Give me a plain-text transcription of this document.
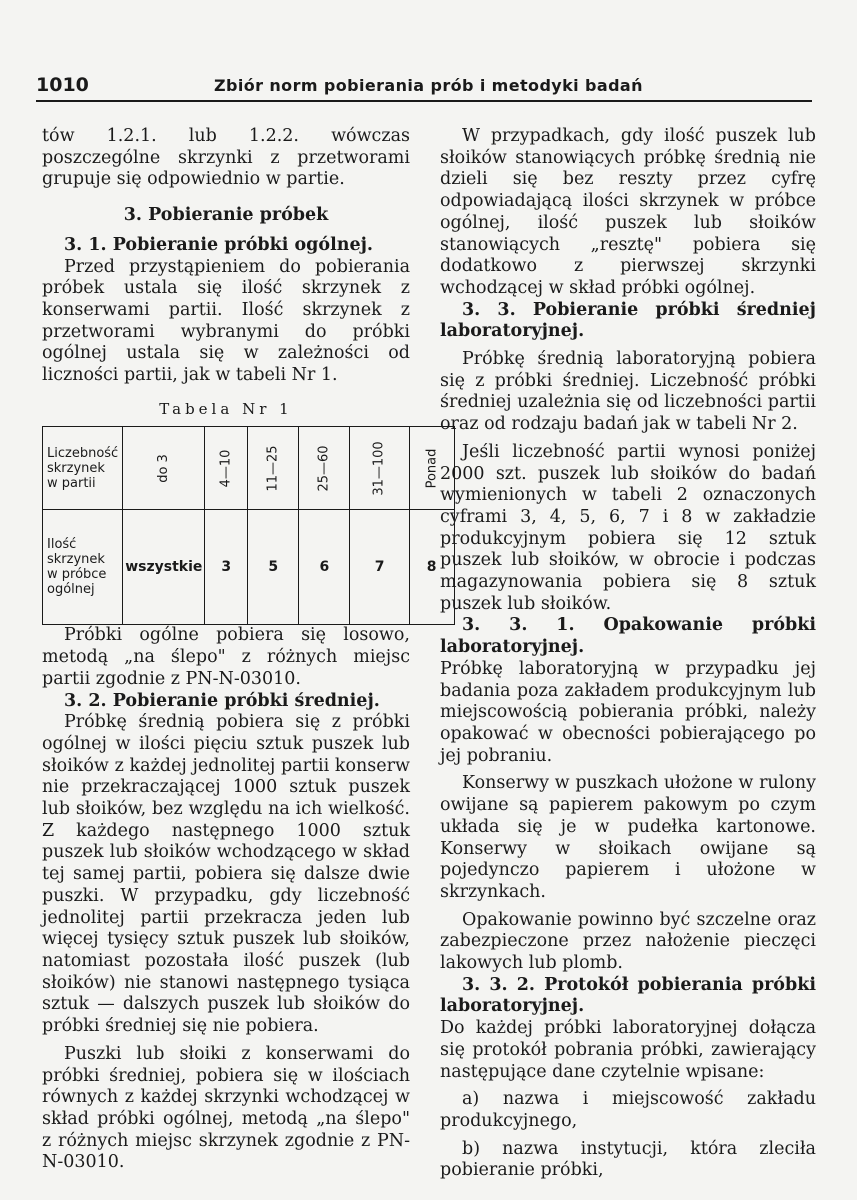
1010	Zbiór norm pobierania prób i metodyki badań

tów 1.2.1. lub 1.2.2. wówczas poszczególne skrzynki z przetworami grupuje się odpowiednio w partie.

3. Pobieranie próbek

3. 1. Pobieranie próbki ogólnej.

Przed przystąpieniem do pobierania próbek ustala się ilość skrzynek z konserwami partii. Ilość skrzynek z przetworami wybranymi do próbki ogólnej ustala się w zależności od liczności partii, jak w tabeli Nr 1.

Tabela Nr 1
Liczebność skrzynek w partii	do 3	4—10	11—25	25—60	31—100	Ponad
Ilość skrzynek w próbce ogólnej	wszystkie	3	5	6	7	8

Próbki ogólne pobiera się losowo, metodą „na ślepo" z różnych miejsc partii zgodnie z PN-N-03010.

3. 2. Pobieranie próbki średniej.

Próbkę średnią pobiera się z próbki ogólnej w ilości pięciu sztuk puszek lub słoików z każdej jednolitej partii konserw nie przekraczającej 1000 sztuk puszek lub słoików, bez względu na ich wielkość. Z każdego następnego 1000 sztuk puszek lub słoików wchodzącego w skład tej samej partii, pobiera się dalsze dwie puszki. W przypadku, gdy liczebność jednolitej partii przekracza jeden lub więcej tysięcy sztuk puszek lub słoików, natomiast pozostała ilość puszek (lub słoików) nie stanowi następnego tysiąca sztuk — dalszych puszek lub słoików do próbki średniej się nie pobiera.

Puszki lub słoiki z konserwami do próbki średniej, pobiera się w ilościach równych z każdej skrzynki wchodzącej w skład próbki ogólnej, metodą „na ślepo" z różnych miejsc skrzynek zgodnie z PN-N-03010.

W przypadkach, gdy ilość puszek lub słoików stanowiących próbkę średnią nie dzieli się bez reszty przez cyfrę odpowiadającą ilości skrzynek w próbce ogólnej, ilość puszek lub słoików stanowiących „resztę" pobiera się dodatkowo z pierwszej skrzynki wchodzącej w skład próbki ogólnej.

3. 3. Pobieranie próbki średniej laboratoryjnej.

Próbkę średnią laboratoryjną pobiera się z próbki średniej. Liczebność próbki średniej uzależnia się od liczebności partii oraz od rodzaju badań jak w tabeli Nr 2.

Jeśli liczebność partii wynosi poniżej 2000 szt. puszek lub słoików do badań wymienionych w tabeli 2 oznaczonych cyframi 3, 4, 5, 6, 7 i 8 w zakładzie produkcyjnym pobiera się 12 sztuk puszek lub słoików, w obrocie i podczas magazynowania pobiera się 8 sztuk puszek lub słoików.

3. 3. 1. Opakowanie próbki laboratoryjnej.

Próbkę laboratoryjną w przypadku jej badania poza zakładem produkcyjnym lub miejscowością pobierania próbki, należy opakować w obecności pobierającego po jej pobraniu.

Konserwy w puszkach ułożone w rulony owijane są papierem pakowym po czym układa się je w pudełka kartonowe. Konserwy w słoikach owijane są pojedynczo papierem i ułożone w skrzynkach.

Opakowanie powinno być szczelne oraz zabezpieczone przez nałożenie pieczęci lakowych lub plomb.

3. 3. 2. Protokół pobierania próbki laboratoryjnej.

Do każdej próbki laboratoryjnej dołącza się protokół pobrania próbki, zawierający następujące dane czytelnie wpisane:

a) nazwa i miejscowość zakładu produkcyjnego,

b) nazwa instytucji, która zleciła pobieranie próbki,
